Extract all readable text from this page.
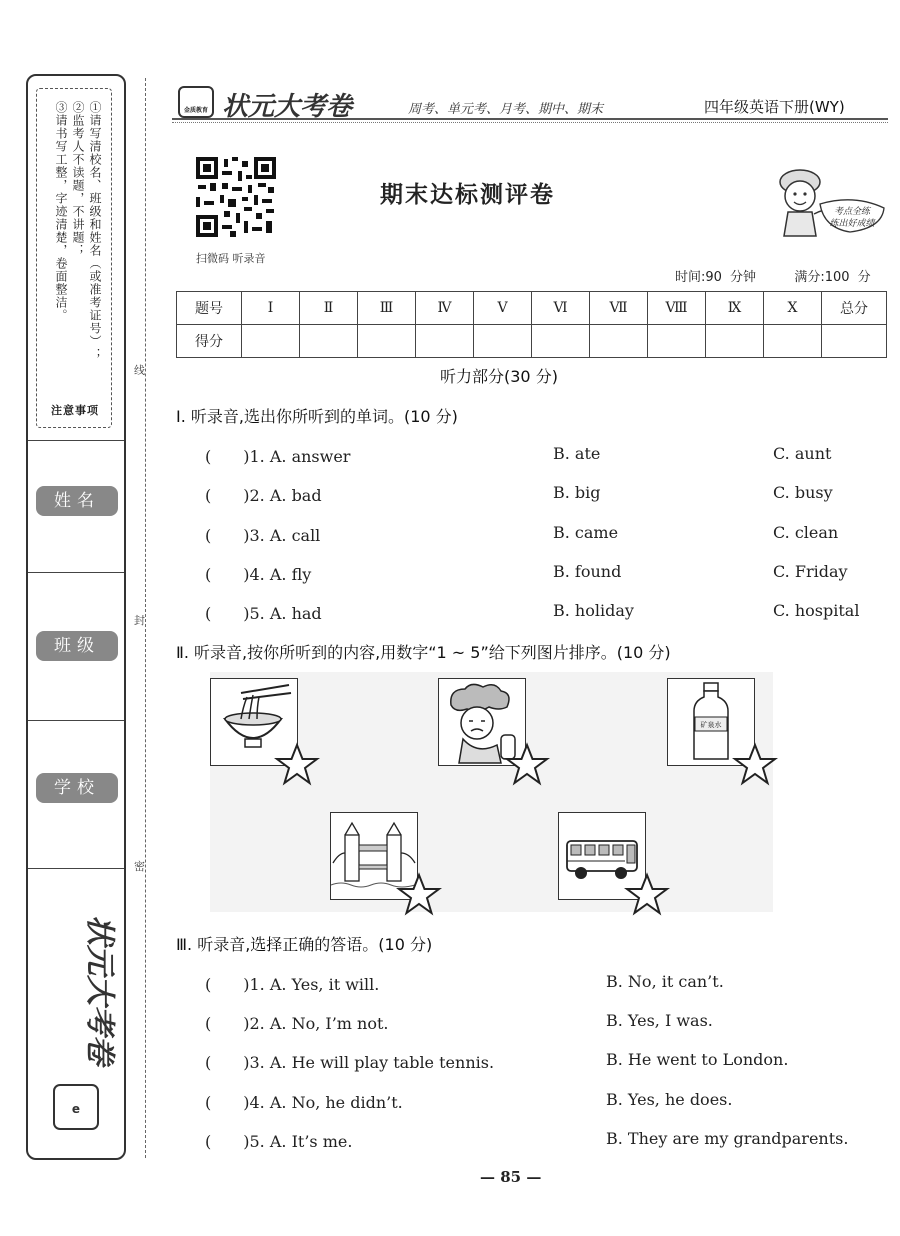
①请写清校名、班级和姓名（或准考证号）；
②监考人不读题，不讲题；
③请书写工整，字迹清楚，卷面整洁。
注意事项
姓名
班级
学校
e
状元大考卷
线
封
密
金质教育 状元大考卷	周考、单元考、月考、期中、期末	四年级英语下册(WY)
扫微码 听录音
期末达标测评卷
考点全练
练出好成绩
时间:90 分钟	满分:100 分
题号	Ⅰ	Ⅱ	Ⅲ	Ⅳ	Ⅴ	Ⅵ	Ⅶ	Ⅷ	Ⅸ	Ⅹ	总分
得分											
听力部分(30 分)
Ⅰ. 听录音,选出你所听到的单词。(10 分)
(　　)1. A. answer	B. ate	C. aunt
(　　)2. A. bad	B. big	C. busy
(　　)3. A. call	B. came	C. clean
(　　)4. A. fly	B. found	C. Friday
(　　)5. A. had	B. holiday	C. hospital
Ⅱ. 听录音,按你所听到的内容,用数字“1 ~ 5”给下列图片排序。(10 分)
矿泉水
Ⅲ. 听录音,选择正确的答语。(10 分)
(　　)1. A. Yes, it will.	B. No, it can’t.
(　　)2. A. No, I’m not.	B. Yes, I was.
(　　)3. A. He will play table tennis.	B. He went to London.
(　　)4. A. No, he didn’t.	B. Yes, he does.
(　　)5. A. It’s me.	B. They are my grandparents.
— 85 —
